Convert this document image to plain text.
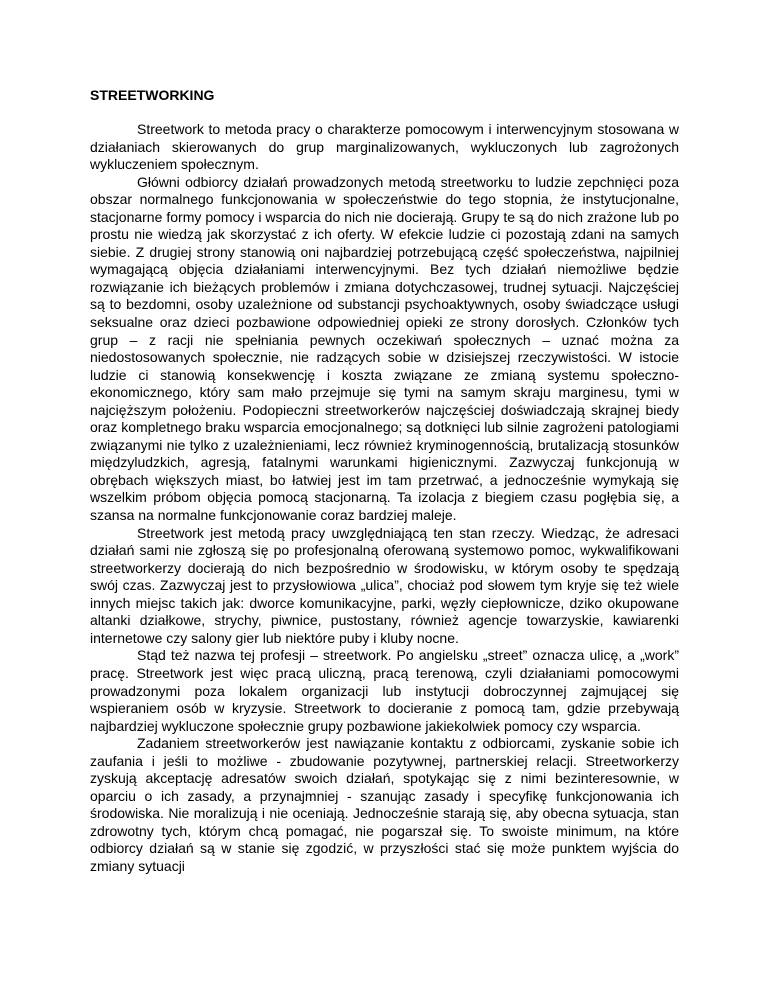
STREETWORKING

Streetwork to metoda pracy o charakterze pomocowym i interwencyjnym stosowana w działaniach skierowanych do grup marginalizowanych, wykluczonych lub zagrożonych wykluczeniem społecznym.

Główni odbiorcy działań prowadzonych metodą streetworku to ludzie zepchnięci poza obszar normalnego funkcjonowania w społeczeństwie do tego stopnia, że instytucjonalne, stacjonarne formy pomocy i wsparcia do nich nie docierają. Grupy te są do nich zrażone lub po prostu nie wiedzą jak skorzystać z ich oferty. W efekcie ludzie ci pozostają zdani na samych siebie. Z drugiej strony stanowią oni najbardziej potrzebującą część społeczeństwa, najpilniej wymagającą objęcia działaniami interwencyjnymi. Bez tych działań niemożliwe będzie rozwiązanie ich bieżących problemów i zmiana dotychczasowej, trudnej sytuacji. Najczęściej są to bezdomni, osoby uzależnione od substancji psychoaktywnych, osoby świadczące usługi seksualne oraz dzieci pozbawione odpowiedniej opieki ze strony dorosłych. Członków tych grup – z racji nie spełniania pewnych oczekiwań społecznych – uznać można za niedostosowanych społecznie, nie radzących sobie w dzisiejszej rzeczywistości. W istocie ludzie ci stanowią konsekwencję i koszta związane ze zmianą systemu społeczno-ekonomicznego, który sam mało przejmuje się tymi na samym skraju marginesu, tymi w najcięższym położeniu. Podopieczni streetworkerów najczęściej doświadczają skrajnej biedy oraz kompletnego braku wsparcia emocjonalnego; są dotknięci lub silnie zagrożeni patologiami związanymi nie tylko z uzależnieniami, lecz również kryminogennością, brutalizacją stosunków międzyludzkich, agresją, fatalnymi warunkami higienicznymi. Zazwyczaj funkcjonują w obrębach większych miast, bo łatwiej jest im tam przetrwać, a jednocześnie wymykają się wszelkim próbom objęcia pomocą stacjonarną. Ta izolacja z biegiem czasu pogłębia się, a szansa na normalne funkcjonowanie coraz bardziej maleje.

Streetwork jest metodą pracy uwzględniającą ten stan rzeczy. Wiedząc, że adresaci działań sami nie zgłoszą się po profesjonalną oferowaną systemowo pomoc, wykwalifikowani streetworkerzy docierają do nich bezpośrednio w środowisku, w którym osoby te spędzają swój czas. Zazwyczaj jest to przysłowiowa „ulica”, chociaż pod słowem tym kryje się też wiele innych miejsc takich jak: dworce komunikacyjne, parki, węzły ciepłownicze, dziko okupowane altanki działkowe, strychy, piwnice, pustostany, również agencje towarzyskie, kawiarenki internetowe czy salony gier lub niektóre puby i kluby nocne.

Stąd też nazwa tej profesji – streetwork. Po angielsku „street” oznacza ulicę, a „work” pracę. Streetwork jest więc pracą uliczną, pracą terenową, czyli działaniami pomocowymi prowadzonymi poza lokalem organizacji lub instytucji dobroczynnej zajmującej się wspieraniem osób w kryzysie. Streetwork to docieranie z pomocą tam, gdzie przebywają najbardziej wykluczone społecznie grupy pozbawione jakiekolwiek pomocy czy wsparcia.

Zadaniem streetworkerów jest nawiązanie kontaktu z odbiorcami, zyskanie sobie ich zaufania i jeśli to możliwe - zbudowanie pozytywnej, partnerskiej relacji. Streetworkerzy zyskują akceptację adresatów swoich działań, spotykając się z nimi bezinteresownie, w oparciu o ich zasady, a przynajmniej - szanując zasady i specyfikę funkcjonowania ich środowiska. Nie moralizują i nie oceniają. Jednocześnie starają się, aby obecna sytuacja, stan zdrowotny tych, którym chcą pomagać, nie pogarszał się. To swoiste minimum, na które odbiorcy działań są w stanie się zgodzić, w przyszłości stać się może punktem wyjścia do zmiany sytuacji
